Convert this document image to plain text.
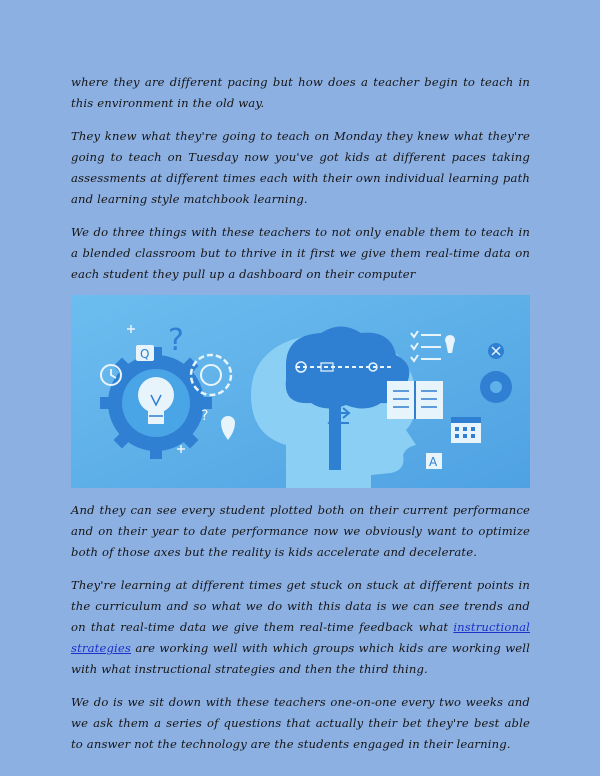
where they are different pacing but how does a teacher begin to teach in this environment in the old way.

They knew what they're going to teach on Monday they knew what they're going to teach on Tuesday now you've got kids at different paces taking assessments at different times each with their own individual learning path and learning style matchbook learning.

We do three things with these teachers to not only enable them to teach in a blended classroom but to thrive in it first we give them real-time data on each student they pull up a dashboard on their computer

Q ?
?
A

And they can see every student plotted both on their current performance and on their year to date performance now we obviously want to optimize both of those axes but the reality is kids accelerate and decelerate.

They're learning at different times get stuck on stuck at different points in the curriculum and so what we do with this data is we can see trends and on that real-time data we give them real-time feedback what instructional strategies are working well with which groups which kids are working well with what instructional strategies and then the third thing.

We do is we sit down with these teachers one-on-one every two weeks and we ask them a series of questions that actually their bet they're best able to answer not the technology are the students engaged in their learning.
